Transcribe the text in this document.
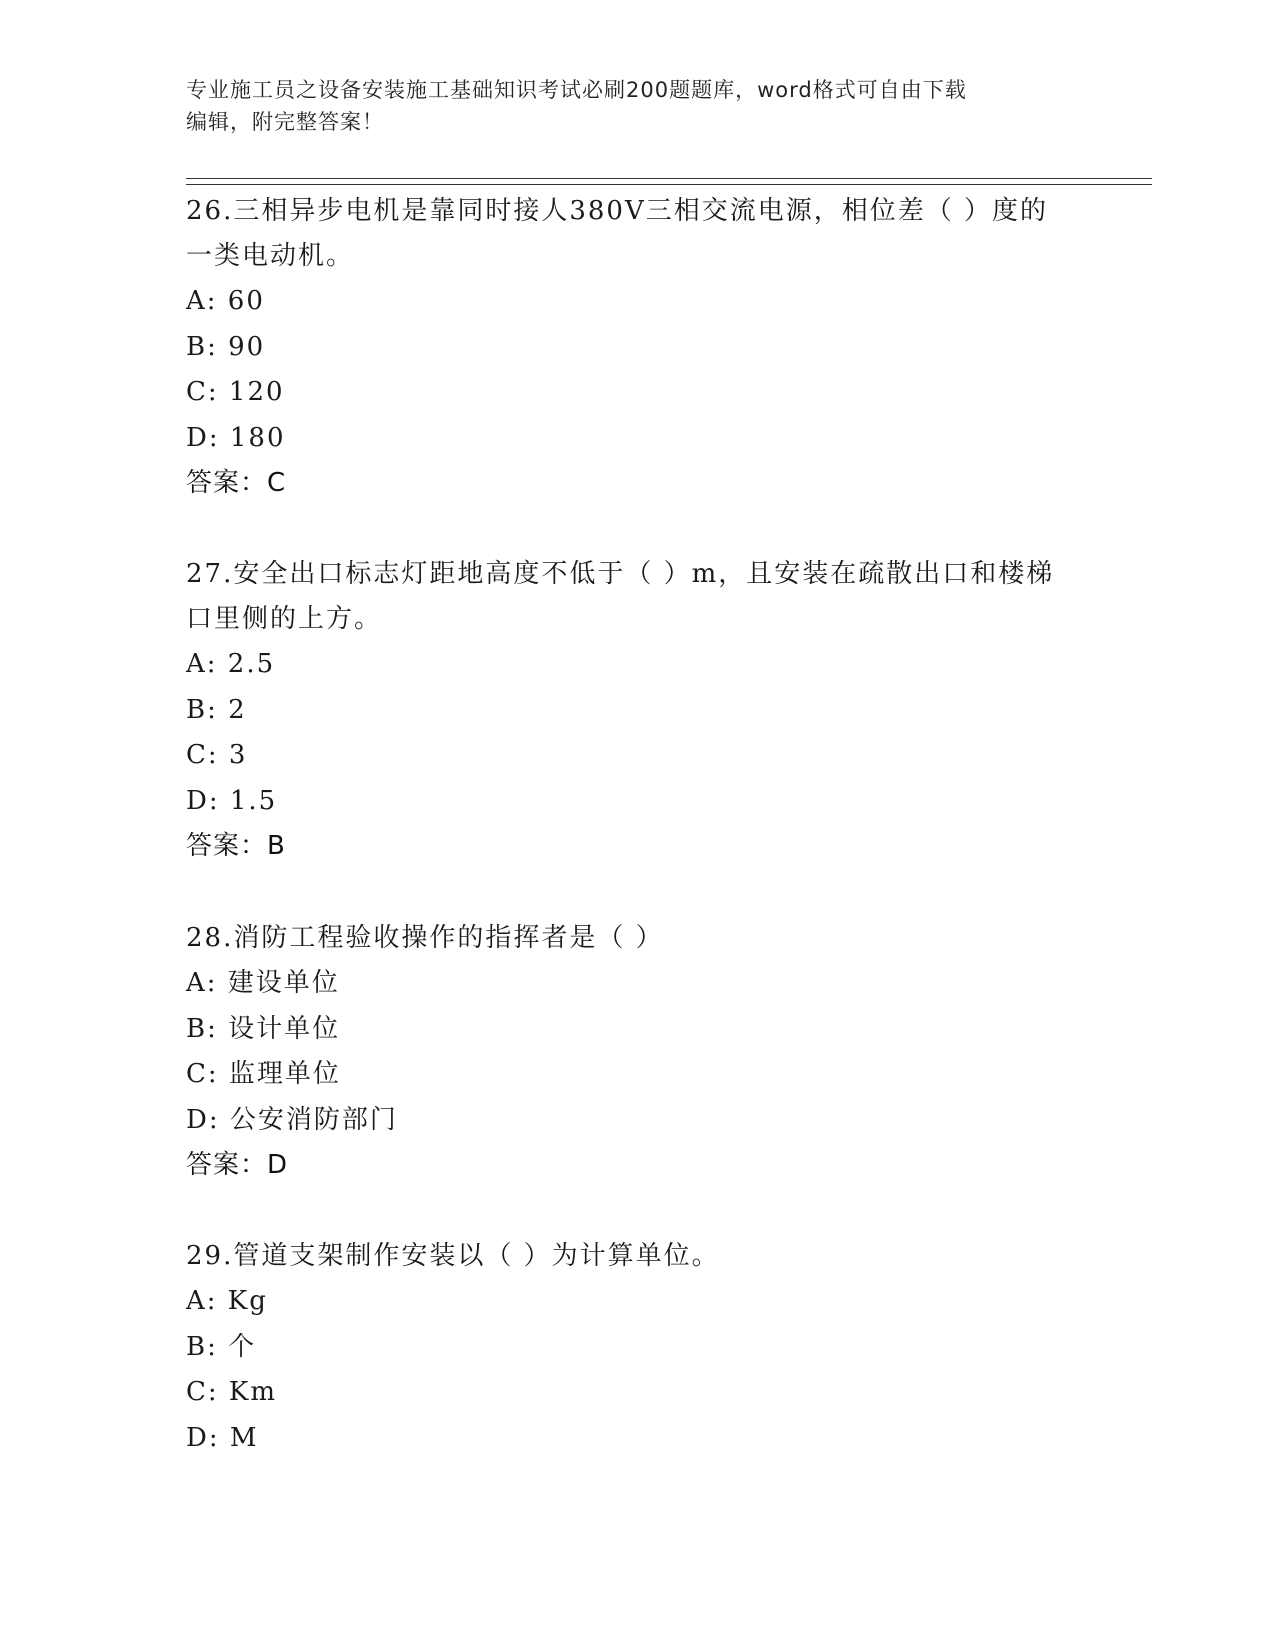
专业施工员之设备安装施工基础知识考试必刷200题题库，word格式可自由下载
编辑，附完整答案！

26.三相异步电机是靠同时接人380V三相交流电源，相位差（ ）度的

一类电动机。

A: 60

B: 90

C: 120

D: 180

答案：C

27.安全出口标志灯距地高度不低于（ ）m，且安装在疏散出口和楼梯

口里侧的上方。

A: 2.5

B: 2

C: 3

D: 1.5

答案：B

28.消防工程验收操作的指挥者是（ ）

A: 建设单位

B: 设计单位

C: 监理单位

D: 公安消防部门

答案：D

29.管道支架制作安装以（ ）为计算单位。

A: Kg

B: 个

C: Km

D: M
